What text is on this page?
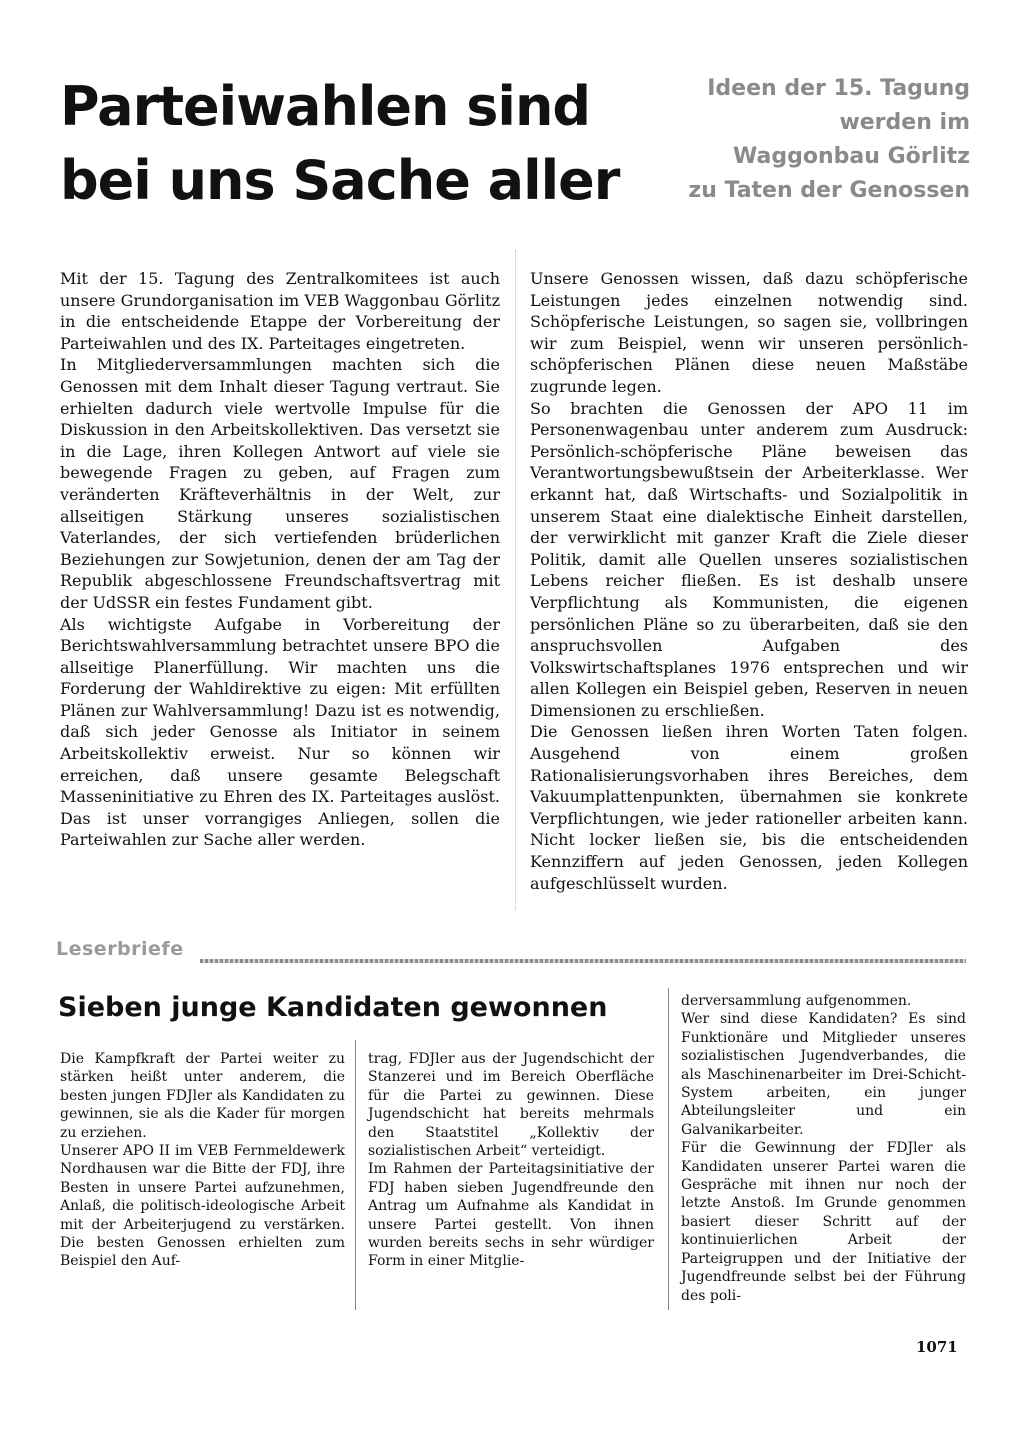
Parteiwahlen sind
bei uns Sache aller
Ideen der 15. Tagung
werden im
Waggonbau Görlitz
zu Taten der Genossen

Mit der 15. Tagung des Zentralkomitees ist auch unsere Grundorganisation im VEB Waggonbau Görlitz in die entscheidende Etappe der Vorbereitung der Parteiwahlen und des IX. Parteitages eingetreten.

In Mitgliederversammlungen machten sich die Genossen mit dem Inhalt dieser Tagung vertraut. Sie erhielten dadurch viele wertvolle Impulse für die Diskussion in den Arbeitskollektiven. Das versetzt sie in die Lage, ihren Kollegen Antwort auf viele sie bewegende Fragen zu geben, auf Fragen zum veränderten Kräfteverhältnis in der Welt, zur allseitigen Stärkung unseres sozialistischen Vaterlandes, der sich vertiefenden brüderlichen Beziehungen zur Sowjetunion, denen der am Tag der Republik abgeschlossene Freundschaftsvertrag mit der UdSSR ein festes Fundament gibt.

Als wichtigste Aufgabe in Vorbereitung der Berichtswahlversammlung betrachtet unsere BPO die allseitige Planerfüllung. Wir machten uns die Forderung der Wahldirektive zu eigen: Mit erfüllten Plänen zur Wahlversammlung! Dazu ist es notwendig, daß sich jeder Genosse als Initiator in seinem Arbeitskollektiv erweist. Nur so können wir erreichen, daß unsere gesamte Belegschaft Masseninitiative zu Ehren des IX. Parteitages auslöst. Das ist unser vorrangiges Anliegen, sollen die Parteiwahlen zur Sache aller werden.

Unsere Genossen wissen, daß dazu schöpferische Leistungen jedes einzelnen notwendig sind. Schöpferische Leistungen, so sagen sie, vollbringen wir zum Beispiel, wenn wir unseren persönlich-schöpferischen Plänen diese neuen Maßstäbe zugrunde legen.

So brachten die Genossen der APO 11 im Personenwagenbau unter anderem zum Ausdruck: Persönlich-schöpferische Pläne beweisen das Verantwortungsbewußtsein der Arbeiterklasse. Wer erkannt hat, daß Wirtschafts- und Sozialpolitik in unserem Staat eine dialektische Einheit darstellen, der verwirklicht mit ganzer Kraft die Ziele dieser Politik, damit alle Quellen unseres sozialistischen Lebens reicher fließen. Es ist deshalb unsere Verpflichtung als Kommunisten, die eigenen persönlichen Pläne so zu überarbeiten, daß sie den anspruchsvollen Aufgaben des Volkswirtschaftsplanes 1976 entsprechen und wir allen Kollegen ein Beispiel geben, Reserven in neuen Dimensionen zu erschließen.

Die Genossen ließen ihren Worten Taten folgen. Ausgehend von einem großen Rationalisierungsvorhaben ihres Bereiches, dem Vakuumplattenpunkten, übernahmen sie konkrete Verpflichtungen, wie jeder rationeller arbeiten kann. Nicht locker ließen sie, bis die entscheidenden Kennziffern auf jeden Genossen, jeden Kollegen aufgeschlüsselt wurden.

Leserbriefe
Sieben junge Kandidaten gewonnen

Die Kampfkraft der Partei weiter zu stärken heißt unter anderem, die besten jungen FDJler als Kandidaten zu gewinnen, sie als die Kader für morgen zu erziehen.

Unserer APO II im VEB Fernmeldewerk Nordhausen war die Bitte der FDJ, ihre Besten in unsere Partei aufzunehmen, Anlaß, die politisch-ideologische Arbeit mit der Arbeiterjugend zu verstärken. Die besten Genossen erhielten zum Beispiel den Auf-

trag, FDJler aus der Jugendschicht der Stanzerei und im Bereich Oberfläche für die Partei zu gewinnen. Diese Jugendschicht hat bereits mehrmals den Staatstitel „Kollektiv der sozialistischen Arbeit“ verteidigt.

Im Rahmen der Parteitagsinitiative der FDJ haben sieben Jugendfreunde den Antrag um Aufnahme als Kandidat in unsere Partei gestellt. Von ihnen wurden bereits sechs in sehr würdiger Form in einer Mitglie-

derversammlung aufgenommen.

Wer sind diese Kandidaten? Es sind Funktionäre und Mitglieder unseres sozialistischen Jugendverbandes, die als Maschinenarbeiter im Drei-Schicht-System arbeiten, ein junger Abteilungsleiter und ein Galvanikarbeiter.

Für die Gewinnung der FDJler als Kandidaten unserer Partei waren die Gespräche mit ihnen nur noch der letzte Anstoß. Im Grunde genommen basiert dieser Schritt auf der kontinuierlichen Arbeit der Parteigruppen und der Initiative der Jugendfreunde selbst bei der Führung des poli-

1071
